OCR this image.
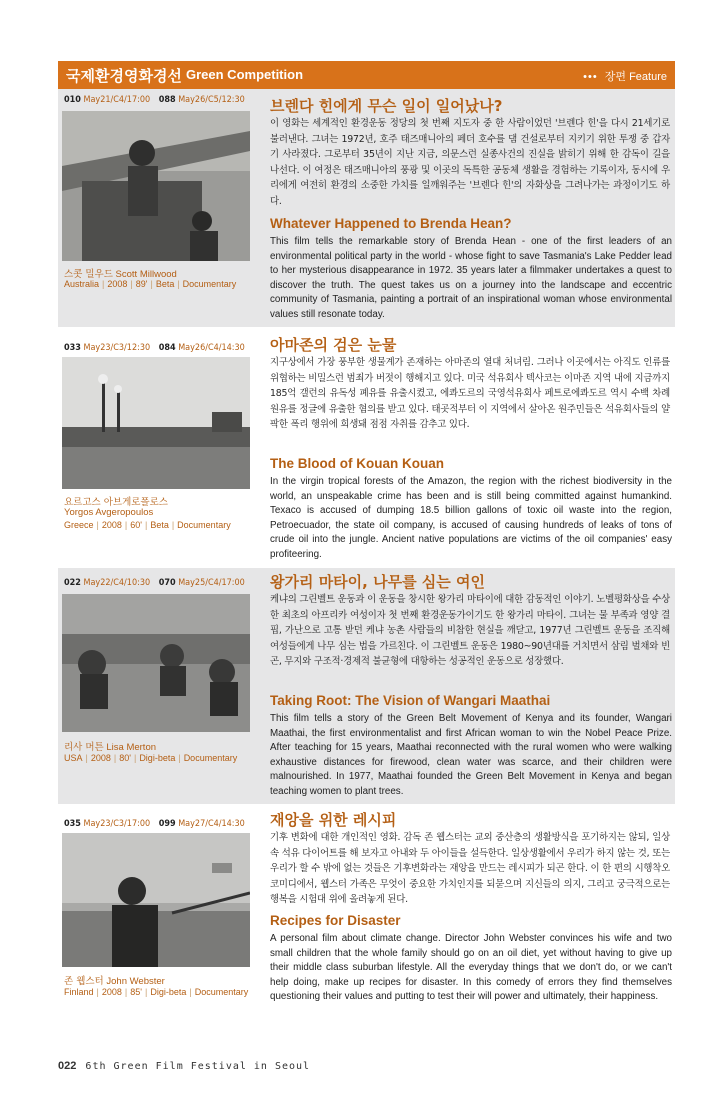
국제환경영화경선 Green Competition	••• 장편 Feature
010 May21/C4/17:00 088 May26/C5/12:30
스콧 밀우드 Scott Millwood
Australia | 2008 | 89' | Beta | Documentary
브렌다 힌에게 무슨 일이 일어났나?
이 영화는 세계적인 환경운동 정당의 첫 번째 지도자 중 한 사람이었던 '브렌다 힌'을 다시 21세기로 불러낸다. 그녀는 1972년, 호주 태즈매니아의 페더 호수를 댐 건설로부터 지키기 위한 투쟁 중 갑자기 사라졌다. 그로부터 35년이 지난 지금, 의문스런 실종사건의 진실을 밝히기 위해 한 감독이 길을 나선다. 이 여정은 태즈매니아의 풍광 및 이곳의 독특한 공동체 생활을 경험하는 기록이자, 동시에 우리에게 여전히 환경의 소중한 가치를 일깨워주는 '브렌다 힌'의 자화상을 그려나가는 과정이기도 하다.
Whatever Happened to Brenda Hean?
This film tells the remarkable story of Brenda Hean - one of the first leaders of an environmental political party in the world - whose fight to save Tasmania's Lake Pedder lead to her mysterious disappearance in 1972. 35 years later a filmmaker undertakes a quest to discover the truth. The quest takes us on a journey into the landscape and eccentric community of Tasmania, painting a portrait of an inspirational woman whose environmental values still resonate today.
033 May23/C3/12:30 084 May26/C4/14:30
요르고스 아브게로폴로스
Yorgos Avgeropoulos
Greece | 2008 | 60' | Beta | Documentary
아마존의 검은 눈물
지구상에서 가장 풍부한 생물계가 존재하는 아마존의 열대 처녀림. 그러나 이곳에서는 아직도 인류를 위협하는 비밀스런 범죄가 버젓이 행해지고 있다. 미국 석유회사 텍사코는 이마존 지역 내에 지금까지 185억 갤런의 유독성 폐유를 유출시켰고, 에콰도르의 국영석유회사 페트로에콰도르 역시 수백 차례 원유를 정글에 유출한 혐의를 받고 있다. 태곳적부터 이 지역에서 살아온 원주민들은 석유회사들의 얄팍한 폭리 행위에 희생돼 점점 자취를 감추고 있다.
The Blood of Kouan Kouan
In the virgin tropical forests of the Amazon, the region with the richest biodiversity in the world, an unspeakable crime has been and is still being committed against humankind. Texaco is accused of dumping 18.5 billion gallons of toxic oil waste into the region, Petroecuador, the state oil company, is accused of causing hundreds of leaks of tons of crude oil into the jungle. Ancient native populations are victims of the oil companies' easy profiteering.
022 May22/C4/10:30 070 May25/C4/17:00
리사 머튼 Lisa Merton
USA | 2008 | 80' | Digi-beta | Documentary
왕가리 마타이, 나무를 심는 여인
케냐의 그린벨트 운동과 이 운동을 창시한 왕가리 마타이에 대한 감동적인 이야기. 노벨평화상을 수상한 최초의 아프리카 여성이자 첫 번째 환경운동가이기도 한 왕가리 마타이. 그녀는 물 부족과 영양 결핍, 가난으로 고통 받던 케냐 농촌 사람들의 비참한 현실을 깨닫고, 1977년 그린벨트 운동을 조직해 여성들에게 나무 심는 법을 가르친다. 이 그린벨트 운동은 1980~90년대를 거치면서 삼림 벌채와 빈곤, 무지와 구조적·경제적 불균형에 대항하는 성공적인 운동으로 성장했다.
Taking Root: The Vision of Wangari Maathai
This film tells a story of the Green Belt Movement of Kenya and its founder, Wangari Maathai, the first environmentalist and first African woman to win the Nobel Peace Prize. After teaching for 15 years, Maathai reconnected with the rural women who were walking exhaustive distances for firewood, clean water was scarce, and their children were malnourished. In 1977, Maathai founded the Green Belt Movement in Kenya and began teaching women to plant trees.
035 May23/C3/17:00 099 May27/C4/14:30
존 웹스터 John Webster
Finland | 2008 | 85' | Digi-beta | Documentary
재앙을 위한 레시피
기후 변화에 대한 개인적인 영화. 감독 존 웹스터는 교외 중산층의 생활방식을 포기하지는 않되, 일상 속 석유 다이어트를 해 보자고 아내와 두 아이들을 설득한다. 일상생활에서 우리가 하지 않는 것, 또는 우리가 할 수 밖에 없는 것들은 기후변화라는 재앙을 만드는 레시피가 되곤 한다. 이 한 편의 시행착오 코미디에서, 웹스터 가족은 무엇이 중요한 가치인지를 되묻으며 지신들의 의지, 그리고 궁극적으로는 행복을 시험대 위에 올려놓게 된다.
Recipes for Disaster
A personal film about climate change. Director John Webster convinces his wife and two small children that the whole family should go on an oil diet, yet without having to give up their middle class suburban lifestyle. All the everyday things that we don't do, or we can't help doing, make up recipes for disaster. In this comedy of errors they find themselves questioning their values and putting to test their will power and ultimately, their happiness.
022 6th Green Film Festival in Seoul
